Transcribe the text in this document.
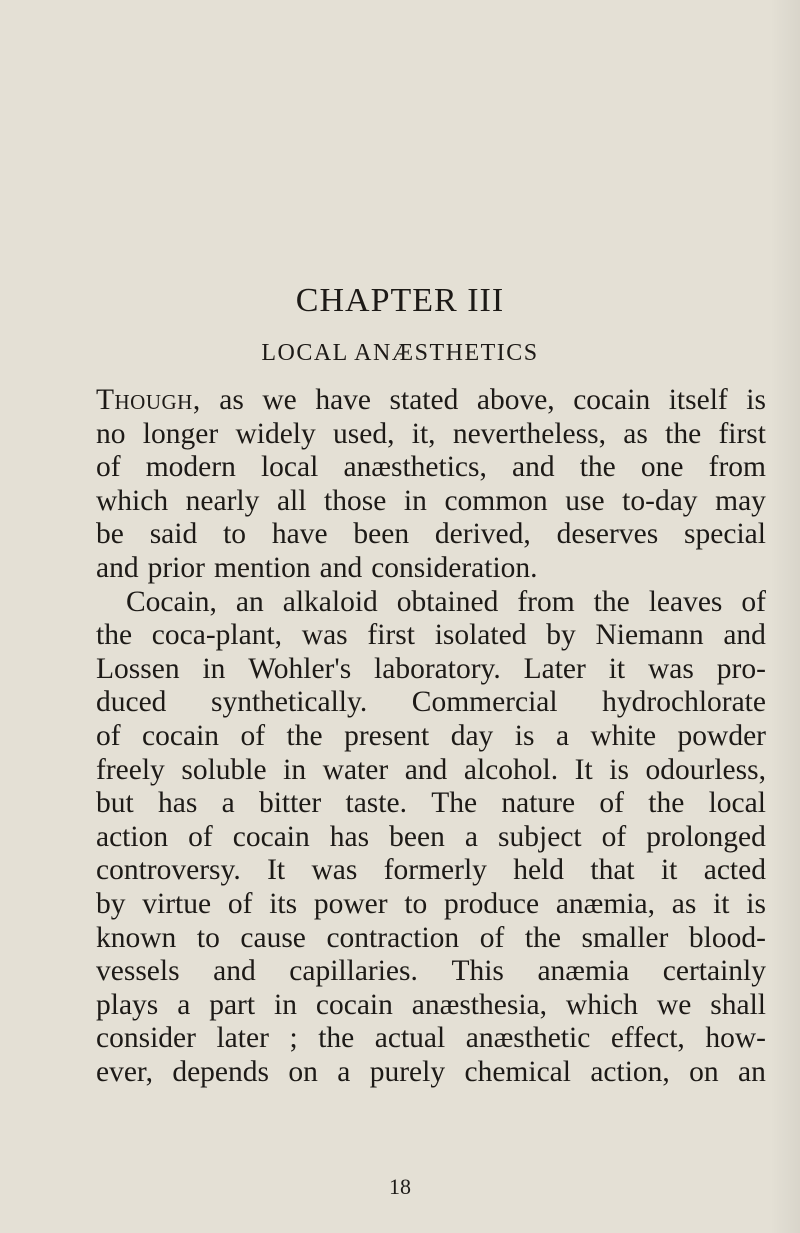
CHAPTER III
LOCAL ANÆSTHETICS
Though, as we have stated above, cocain itself is
no longer widely used, it, nevertheless, as the first
of modern local anæsthetics, and the one from
which nearly all those in common use to-day may
be said to have been derived, deserves special
and prior mention and consideration.
Cocain, an alkaloid obtained from the leaves of
the coca-plant, was first isolated by Niemann and
Lossen in Wohler's laboratory. Later it was pro-
duced synthetically. Commercial hydrochlorate
of cocain of the present day is a white powder
freely soluble in water and alcohol. It is odourless,
but has a bitter taste. The nature of the local
action of cocain has been a subject of prolonged
controversy. It was formerly held that it acted
by virtue of its power to produce anæmia, as it is
known to cause contraction of the smaller blood-
vessels and capillaries. This anæmia certainly
plays a part in cocain anæsthesia, which we shall
consider later ; the actual anæsthetic effect, how-
ever, depends on a purely chemical action, on an
18
